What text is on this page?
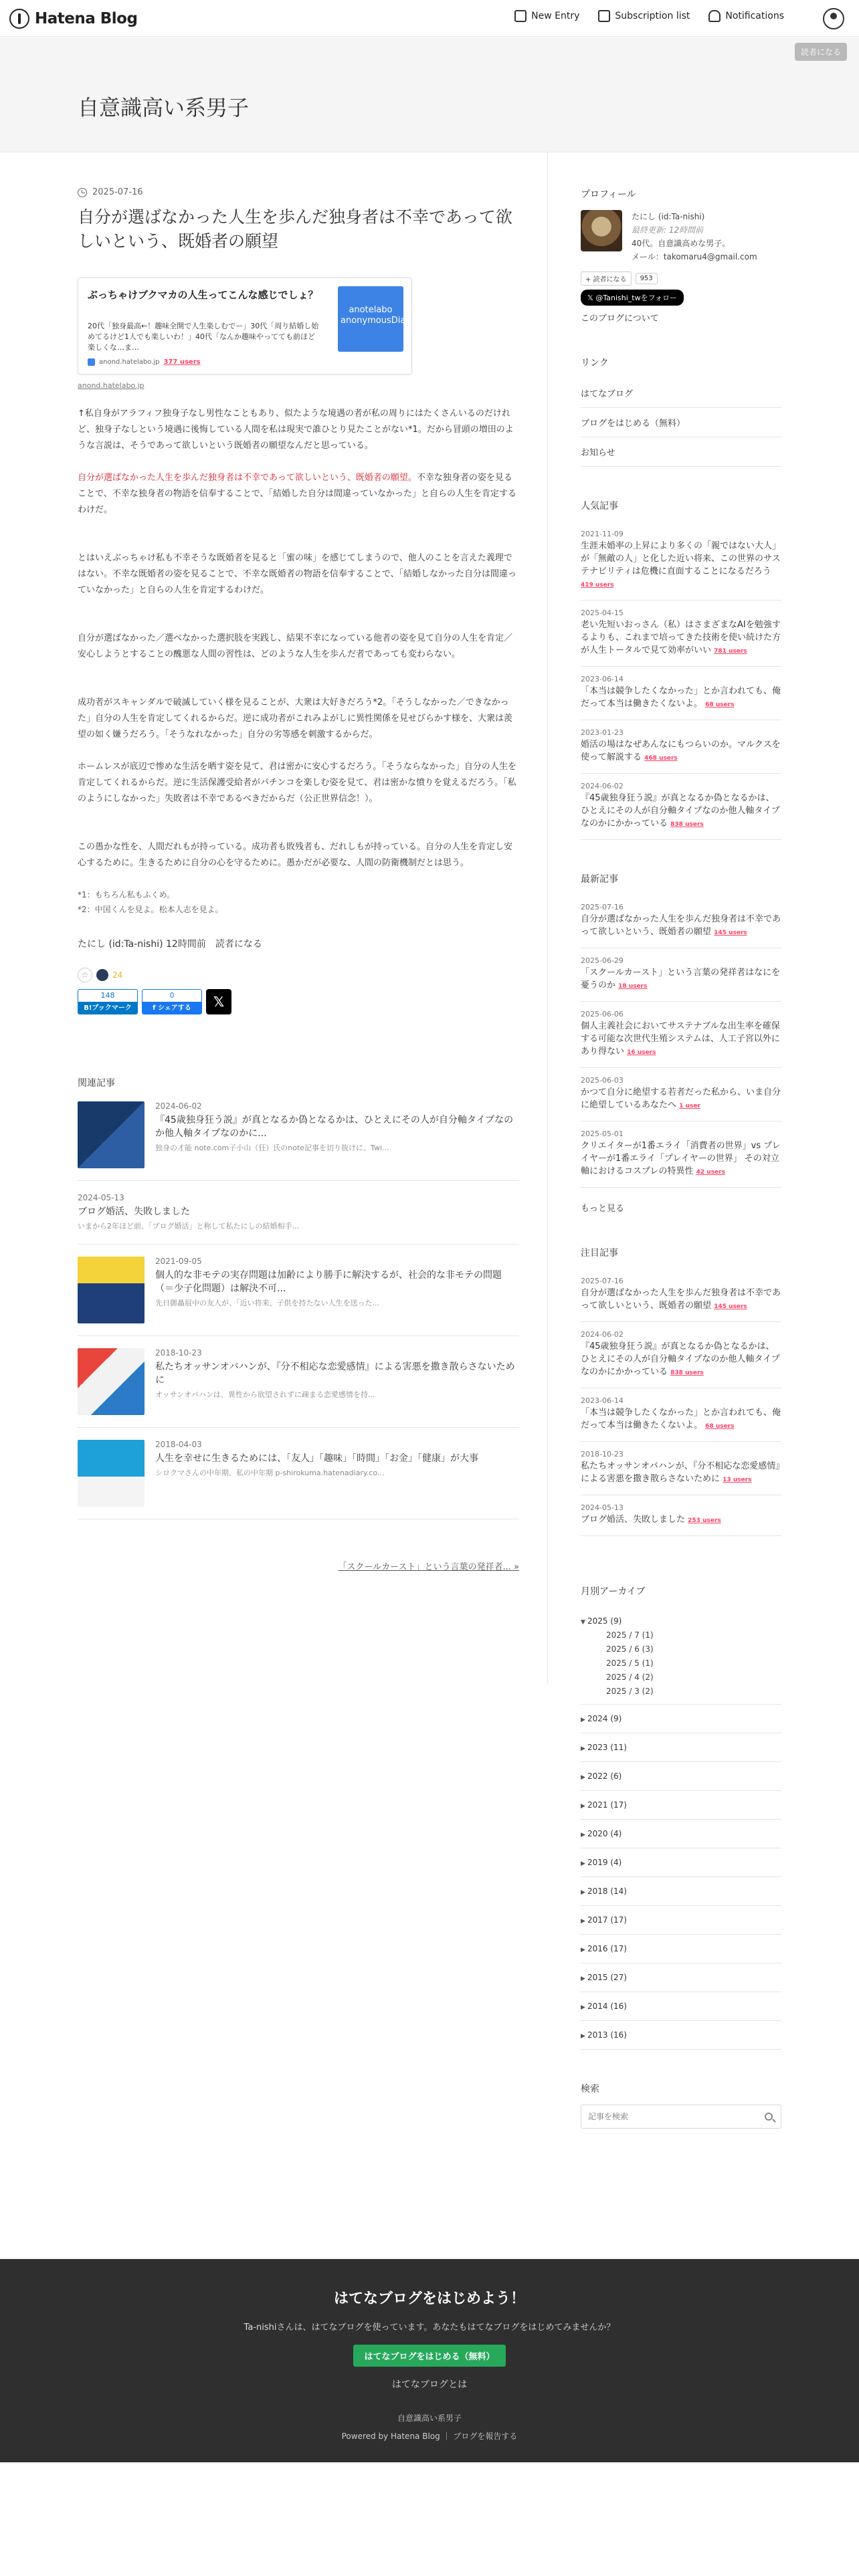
Hatena Blog	New Entry	Subscription list	Notifications
自意識高い系男子
読者になる
2025-07-16
自分が選ばなかった人生を歩んだ独身者は不幸であって欲しいという、既婚者の願望
ぶっちゃけブクマカの人生ってこんな感じでしょ？
20代「独身最高←！趣味全開で人生楽しむでー」30代「周り結婚し始めてるけど1人でも楽しいわ！」40代「なんか趣味やってても前ほど楽しくな…ま…
anotelabo anonymousDia
anond.hatelabo.jp 377 users
anond.hatelabo.jp

↑私自身がアラフィフ独身子なし男性なこともあり、似たような境遇の者が私の周りにはたくさんいるのだけれど、独身子なしという境遇に後悔している人間を私は現実で誰ひとり見たことがない*1。だから冒頭の増田のような言説は、そうであって欲しいという既婚者の願望なんだと思っている。

自分が選ばなかった人生を歩んだ独身者は不幸であって欲しいという、既婚者の願望。不幸な独身者の姿を見ることで、不幸な独身者の物語を信奉することで、「結婚した自分は間違っていなかった」と自らの人生を肯定するわけだ。

とはいえぶっちゃけ私も不幸そうな既婚者を見ると「蜜の味」を感じてしまうので、他人のことを言えた義理ではない。不幸な既婚者の姿を見ることで、不幸な既婚者の物語を信奉することで、「結婚しなかった自分は間違っていなかった」と自らの人生を肯定するわけだ。

自分が選ばなかった／選べなかった選択肢を実践し、結果不幸になっている他者の姿を見て自分の人生を肯定／安心しようとすることの醜悪な人間の習性は、どのような人生を歩んだ者であっても変わらない。

成功者がスキャンダルで破滅していく様を見ることが、大衆は大好きだろう*2。「そうしなかった／できなかった」自分の人生を肯定してくれるからだ。逆に成功者がこれみよがしに異性関係を見せびらかす様を、大衆は羨望の如く嫌うだろう。「そうなれなかった」自分の劣等感を刺激するからだ。

ホームレスが底辺で惨めな生活を晒す姿を見て、君は密かに安心するだろう。「そうならなかった」自分の人生を肯定してくれるからだ。逆に生活保護受給者がパチンコを楽しむ姿を見て、君は密かな憤りを覚えるだろう。「私のようにしなかった」失敗者は不幸であるべきだからだ（公正世界信念！）。

この愚かな性を、人間だれもが持っている。成功者も敗残者も、だれしもが持っている。自分の人生を肯定し安心するために。生きるために自分の心を守るために。愚かだが必要な、人間の防衛機制だとは思う。

*1：もちろん私もふくめ。
*2：中国くんを見よ。松本人志を見よ。
たにし (id:Ta-nishi) 12時間前　読者になる
☆	24
148
B!ブックマーク
0
f シェアする	𝕏
関連記事
2024-06-02
『45歳独身狂う説』が真となるか偽となるかは、ひとえにその人が自分軸タイプなのか他人軸タイプなのかに...
独身の才能 note.com子小山（狂）氏のnote記事を切り抜けに、Twi...
2024-05-13
ブログ婚活、失敗しました
いまから2年ほど前、「ブログ婚活」と称して私たにしの結婚相手...
2021-09-05
個人的な非モテの実存問題は加齢により勝手に解決するが、社会的な非モテの問題（＝少子化問題）は解決不可...
先日御贔屓中の友人が、「近い将来、子供を持たない人生を送った...
2018-10-23
私たちオッサンオバハンが、『分不相応な恋愛感情』による害悪を撒き散らさないために
オッサンオバハンは、異性から欲望されずに疎まる恋愛感情を持...
2018-04-03
人生を幸せに生きるためには、「友人」「趣味」「時間」「お金」「健康」が大事
シロクマさんの中年期、私の中年期 p-shirokuma.hatenadiary.co...
「スクールカースト」という言葉の発祥者... »
プロフィール
たにし (id:Ta-nishi)
最終更新: 12時間前
40代。自意識高めな男子。
メール：takomaru4@gmail.com
+ 読者になる	953
𝕏 @Tanishi_twをフォロー
このブログについて
リンク
はてなブログ
ブログをはじめる（無料）
お知らせ
人気記事
2021-11-09
生涯未婚率の上昇により多くの「親ではない大人」が「無敵の人」と化した近い将来、この世界のサステナビリティは危機に直面することになるだろう 419 users
2025-04-15
老い先短いおっさん（私）はさまざまなAIを勉強するよりも、これまで培ってきた技術を使い続けた方が人生トータルで見て効率がいい 781 users
2023-06-14
「本当は競争したくなかった」とか言われても、俺だって本当は働きたくないよ。 68 users
2023-01-23
婚活の場はなぜあんなにもつらいのか。マルクスを使って解説する 468 users
2024-06-02
『45歳独身狂う説』が真となるか偽となるかは、ひとえにその人が自分軸タイプなのか他人軸タイプなのかにかかっている 838 users
最新記事
2025-07-16
自分が選ばなかった人生を歩んだ独身者は不幸であって欲しいという、既婚者の願望 145 users
2025-06-29
「スクールカースト」という言葉の発祥者はなにを憂うのか 18 users
2025-06-06
個人主義社会においてサステナブルな出生率を確保する可能な次世代生殖システムは、人工子宮以外にあり得ない 16 users
2025-06-03
かつて自分に絶望する若者だった私から、いま自分に絶望しているあなたへ 1 user
2025-05-01
クリエイターが1番エライ「消費者の世界」vs プレイヤーが1番エライ「プレイヤーの世界」 その対立軸におけるコスプレの特異性 42 users
もっと見る
注目記事
2025-07-16
自分が選ばなかった人生を歩んだ独身者は不幸であって欲しいという、既婚者の願望 145 users
2024-06-02
『45歳独身狂う説』が真となるか偽となるかは、ひとえにその人が自分軸タイプなのか他人軸タイプなのかにかかっている 838 users
2023-06-14
「本当は競争したくなかった」とか言われても、俺だって本当は働きたくないよ。 68 users
2018-10-23
私たちオッサンオバハンが、『分不相応な恋愛感情』による害悪を撒き散らさないために 13 users
2024-05-13
ブログ婚活、失敗しました 253 users
月別アーカイブ
▼ 2025 (9)
2025 / 7 (1)
2025 / 6 (3)
2025 / 5 (1)
2025 / 4 (2)
2025 / 3 (2)
▶ 2024 (9)
▶ 2023 (11)
▶ 2022 (6)
▶ 2021 (17)
▶ 2020 (4)
▶ 2019 (4)
▶ 2018 (14)
▶ 2017 (17)
▶ 2016 (17)
▶ 2015 (27)
▶ 2014 (16)
▶ 2013 (16)
検索
記事を検索
はてなブログをはじめよう！
Ta-nishiさんは、はてなブログを使っています。あなたもはてなブログをはじめてみませんか？
はてなブログをはじめる（無料）
はてなブログとは
自意識高い系男子
Powered by Hatena Blog ｜ ブログを報告する
